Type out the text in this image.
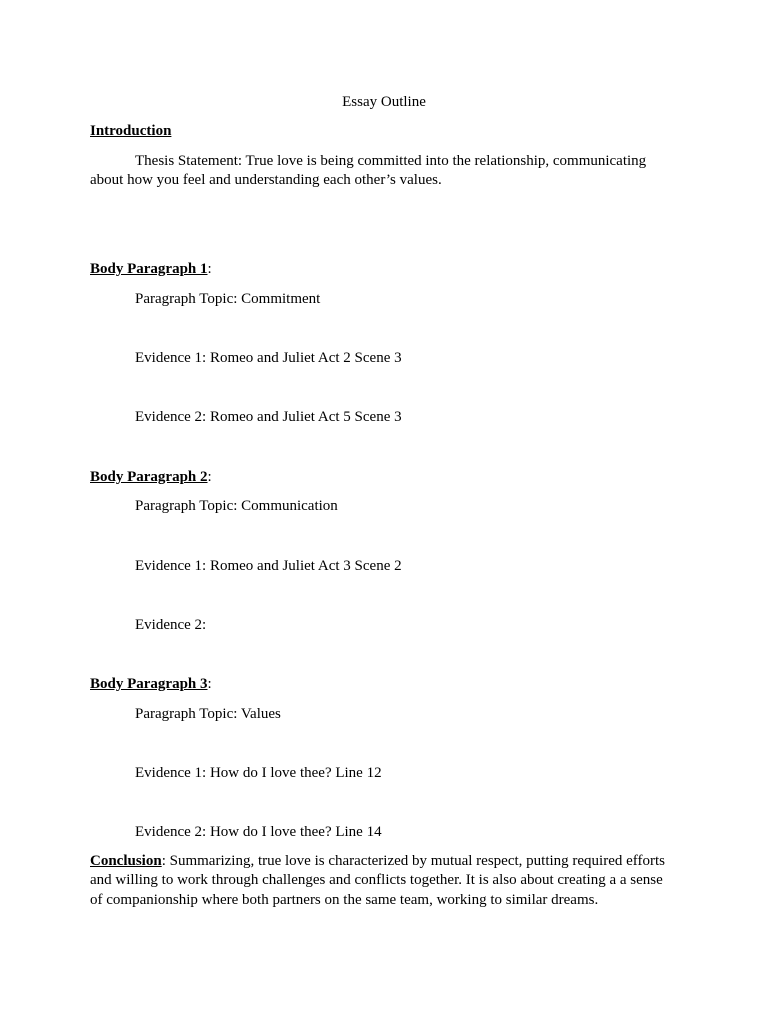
Essay Outline
Introduction
Thesis Statement: True love is being committed into the relationship, communicating about how you feel and understanding each other’s values.
Body Paragraph 1:
Paragraph Topic: Commitment
Evidence 1: Romeo and Juliet Act 2 Scene 3
Evidence 2: Romeo and Juliet Act 5 Scene 3
Body Paragraph 2:
Paragraph Topic: Communication
Evidence 1: Romeo and Juliet Act 3 Scene 2
Evidence 2:
Body Paragraph 3:
Paragraph Topic: Values
Evidence 1: How do I love thee? Line 12
Evidence 2: How do I love thee? Line 14
Conclusion: Summarizing, true love is characterized by mutual respect, putting required efforts and willing to work through challenges and conflicts together. It is also about creating a a sense of companionship where both partners on the same team, working to similar dreams.
